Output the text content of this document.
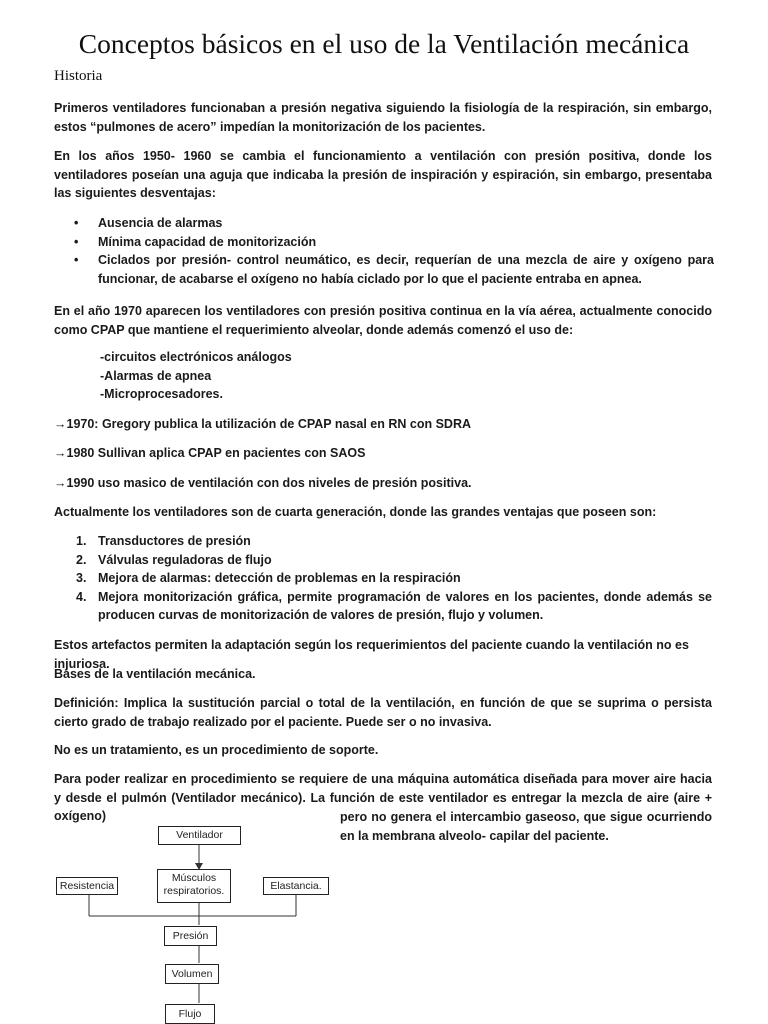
Conceptos básicos en el uso de la Ventilación mecánica
Historia

Primeros ventiladores funcionaban a presión negativa siguiendo la fisiología de la respiración, sin embargo, estos “pulmones de acero” impedían la monitorización de los pacientes.

En los años 1950- 1960 se cambia el funcionamiento a ventilación con presión positiva, donde los ventiladores poseían una aguja que indicaba la presión de inspiración y espiración, sin embargo, presentaba las siguientes desventajas:

• Ausencia de alarmas
• Mínima capacidad de monitorización
• Ciclados por presión- control neumático, es decir, requerían de una mezcla de aire y oxígeno para funcionar, de acabarse el oxígeno no había ciclado por lo que el paciente entraba en apnea.

En el año 1970 aparecen los ventiladores con presión positiva continua en la vía aérea, actualmente conocido como CPAP que mantiene el requerimiento alveolar, donde además comenzó el uso de:

-circuitos electrónicos análogos
-Alarmas de apnea
-Microprocesadores.

→1970: Gregory publica la utilización de CPAP nasal en RN con SDRA

→1980 Sullivan aplica CPAP en pacientes con SAOS

→1990 uso masico de ventilación con dos niveles de presión positiva.

Actualmente los ventiladores son de cuarta generación, donde las grandes ventajas que poseen son:

1. Transductores de presión
2. Válvulas reguladoras de flujo
3. Mejora de alarmas: detección de problemas en la respiración
4. Mejora monitorización gráfica, permite programación de valores en los pacientes, donde además se producen curvas de monitorización de valores de presión, flujo y volumen.

Estos artefactos permiten la adaptación según los requerimientos del paciente cuando la ventilación no es injuriosa.

Bases de la ventilación mecánica.

Definición: Implica la sustitución parcial o total de la ventilación, en función de que se suprima o persista cierto grado de trabajo realizado por el paciente. Puede ser o no invasiva.

No es un tratamiento, es un procedimiento de soporte.

Para poder realizar en procedimiento se requiere de una máquina automática diseñada para mover aire hacia y desde el pulmón (Ventilador mecánico). La función de este ventilador es entregar la mezcla de aire (aire + oxígeno)	pero no genera el intercambio gaseoso, que sigue ocurriendo en la membrana alveolo- capilar del paciente.

Ventilador
Músculos respiratorios.
Resistencia	Elastancia.
Presión
Volumen
Flujo
